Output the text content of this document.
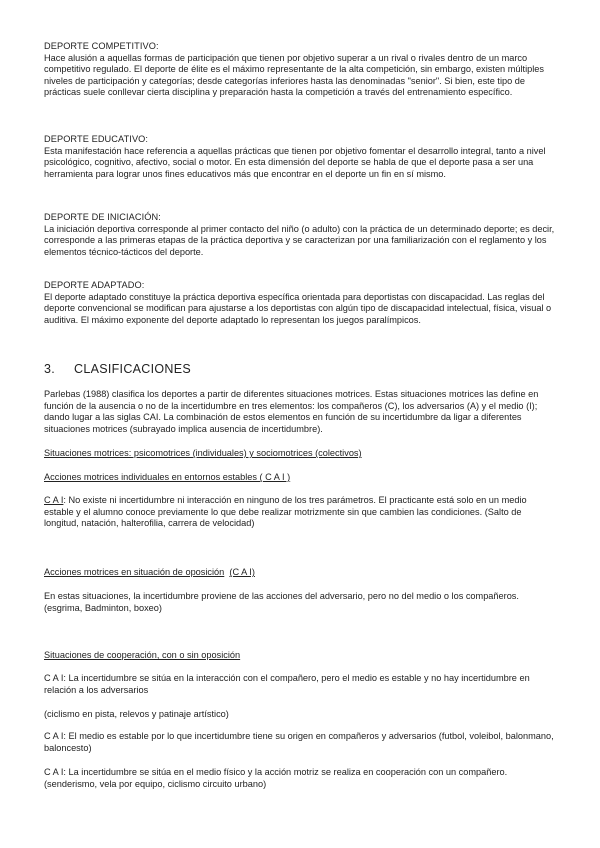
DEPORTE COMPETITIVO:
Hace alusión a aquellas formas de participación que tienen por objetivo superar a un rival o rivales dentro de un marco competitivo regulado. El deporte de élite es el máximo representante de la alta competición, sin embargo, existen múltiples niveles de participación y categorías; desde categorías inferiores hasta las denominadas "senior". Si bien, este tipo de prácticas suele conllevar cierta disciplina y preparación hasta la competición a través del entrenamiento específico.
DEPORTE EDUCATIVO:
Esta manifestación hace referencia a aquellas prácticas que tienen por objetivo fomentar el desarrollo integral, tanto a nivel psicológico, cognitivo, afectivo, social o motor. En esta dimensión del deporte se habla de que el deporte pasa a ser una herramienta para lograr unos fines educativos más que encontrar en el deporte un fin en sí mismo.
DEPORTE DE INICIACIÓN:
La iniciación deportiva corresponde al primer contacto del niño (o adulto) con la práctica de un determinado deporte; es decir, corresponde a las primeras etapas de la práctica deportiva y se caracterizan por una familiarización con el reglamento y los elementos técnico-tácticos del deporte.
DEPORTE ADAPTADO:
El deporte adaptado constituye la práctica deportiva específica orientada para deportistas con discapacidad. Las reglas del deporte convencional se modifican para ajustarse a los deportistas con algún tipo de discapacidad intelectual, física, visual o auditiva. El máximo exponente del deporte adaptado lo representan los juegos paralímpicos.
3. CLASIFICACIONES

Parlebas (1988) clasifica los deportes a partir de diferentes situaciones motrices. Estas situaciones motrices las define en función de la ausencia o no de la incertidumbre en tres elementos: los compañeros (C), los adversarios (A) y el medio (I); dando lugar a las siglas CAI. La combinación de estos elementos en función de su incertidumbre da ligar a diferentes situaciones motrices (subrayado implica ausencia de incertidumbre).

Situaciones motrices: psicomotrices (individuales) y sociomotrices (colectivos)

Acciones motrices individuales en entornos estables ( C A I )

C A I: No existe ni incertidumbre ni interacción en ninguno de los tres parámetros. El practicante está solo en un medio estable y el alumno conoce previamente lo que debe realizar motrizmente sin que cambien las condiciones. (Salto de longitud, natación, halterofilia, carrera de velocidad)

Acciones motrices en situación de oposición (C A I)

En estas situaciones, la incertidumbre proviene de las acciones del adversario, pero no del medio o los compañeros. (esgrima, Badminton, boxeo)

Situaciones de cooperación, con o sin oposición

C A I: La incertidumbre se sitúa en la interacción con el compañero, pero el medio es estable y no hay incertidumbre en relación a los adversarios

(ciclismo en pista, relevos y patinaje artístico)

C A I: El medio es estable por lo que incertidumbre tiene su origen en compañeros y adversarios (futbol, voleibol, balonmano, baloncesto)

C A I: La incertidumbre se sitúa en el medio físico y la acción motriz se realiza en cooperación con un compañero. (senderismo, vela por equipo, ciclismo circuito urbano)
